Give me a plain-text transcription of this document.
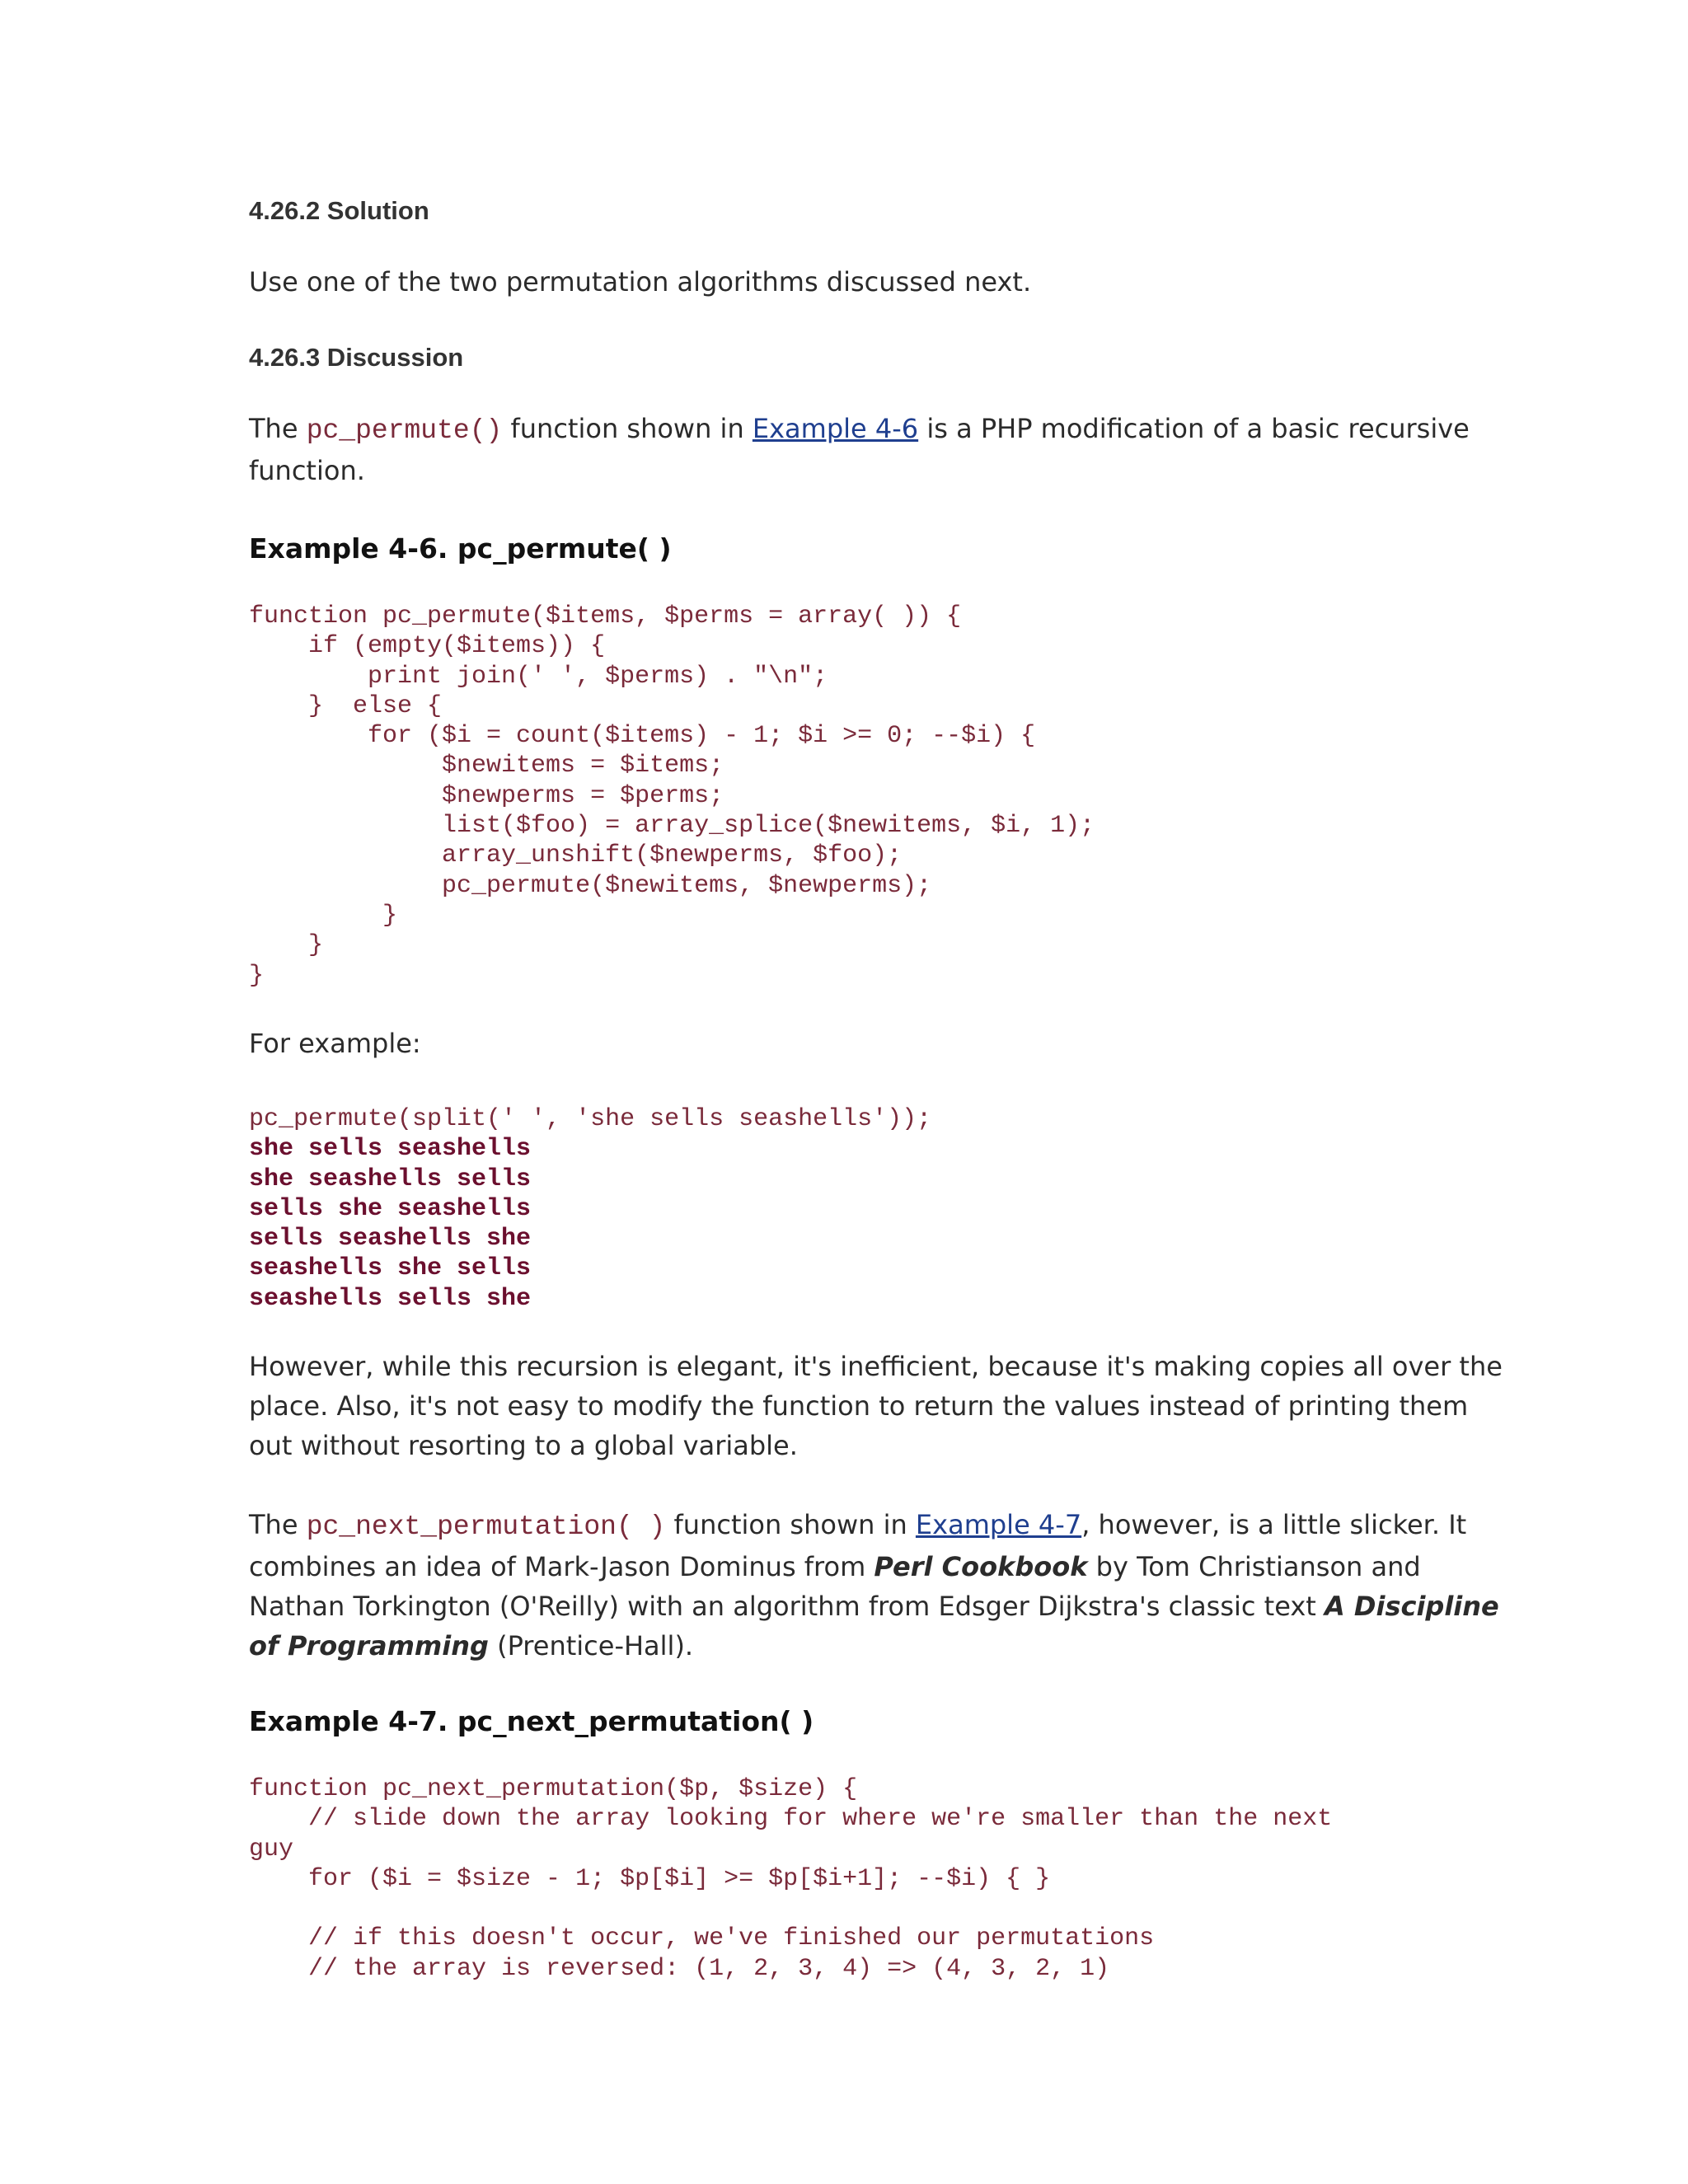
4.26.2 Solution
Use one of the two permutation algorithms discussed next.
4.26.3 Discussion
The pc_permute() function shown in Example 4-6 is a PHP modification of a basic recursive
function.
Example 4-6. pc_permute( )
function pc_permute($items, $perms = array( )) {
if (empty($items)) {
print join(' ', $perms) . "\n";
}  else {
for ($i = count($items) - 1; $i >= 0; --$i) {
$newitems = $items;
$newperms = $perms;
list($foo) = array_splice($newitems, $i, 1);
array_unshift($newperms, $foo);
pc_permute($newitems, $newperms);
}
}
}
For example:
pc_permute(split(' ', 'she sells seashells'));
she sells seashells
she seashells sells
sells she seashells
sells seashells she
seashells she sells
seashells sells she
However, while this recursion is elegant, it's inefficient, because it's making copies all over the
place. Also, it's not easy to modify the function to return the values instead of printing them
out without resorting to a global variable.
The pc_next_permutation( ) function shown in Example 4-7, however, is a little slicker. It
combines an idea of Mark-Jason Dominus from Perl Cookbook by Tom Christianson and
Nathan Torkington (O'Reilly) with an algorithm from Edsger Dijkstra's classic text A Discipline
of Programming (Prentice-Hall).
Example 4-7. pc_next_permutation( )
function pc_next_permutation($p, $size) {
// slide down the array looking for where we're smaller than the next
guy
for ($i = $size - 1; $p[$i] >= $p[$i+1]; --$i) { }
// if this doesn't occur, we've finished our permutations
// the array is reversed: (1, 2, 3, 4) => (4, 3, 2, 1)
